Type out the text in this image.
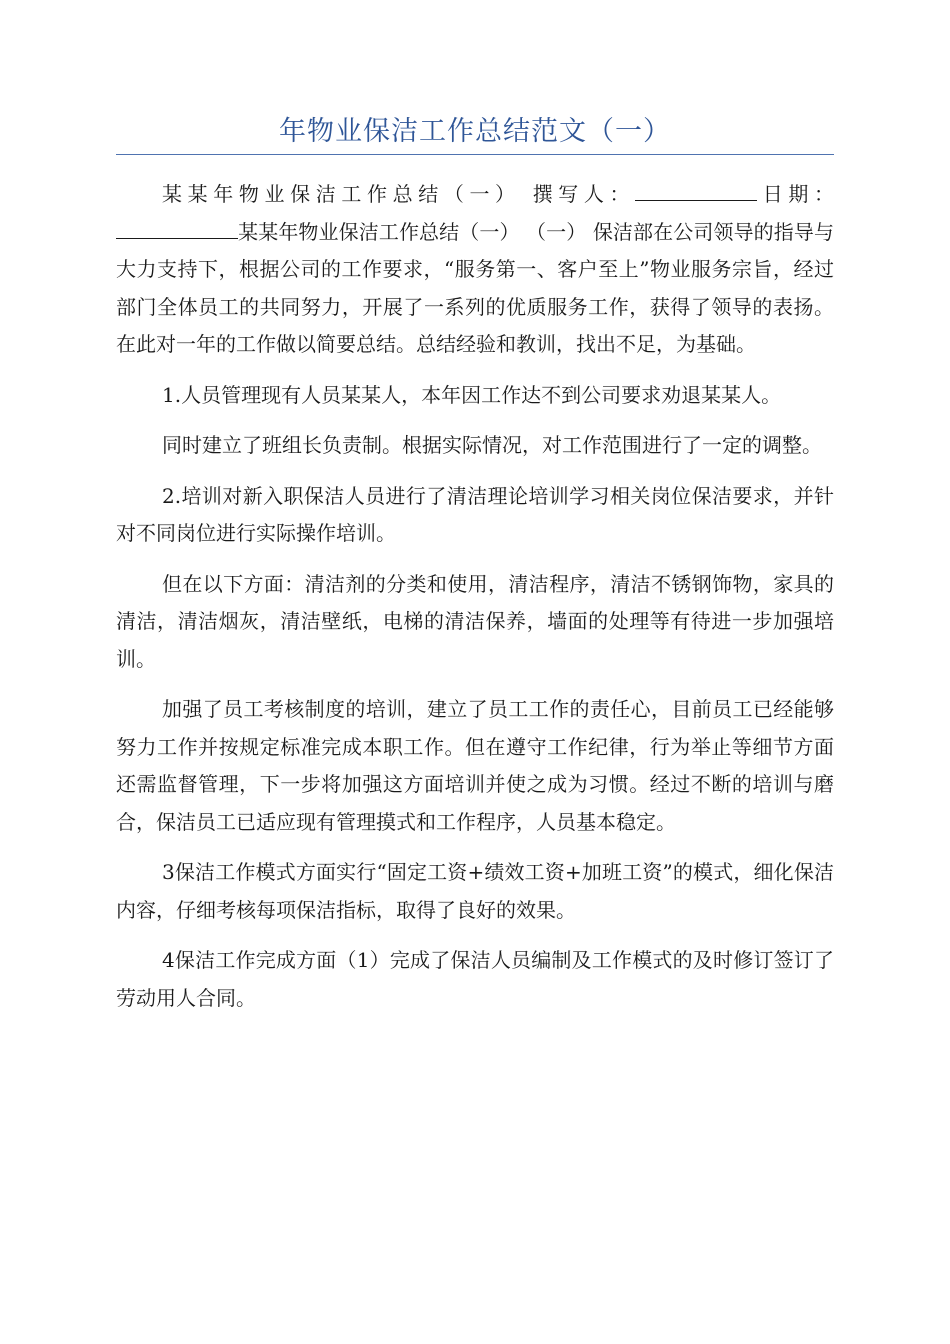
年物业保洁工作总结范文（一）

某某年物业保洁工作总结（一） 撰写人：	日期： 某某年物业保洁工作总结（一） （一） 保洁部在公司领导的指导与大力支持下，根据公司的工作要求，“服务第一、客户至上”物业服务宗旨，经过部门全体员工的共同努力，开展了一系列的优质服务工作，获得了领导的表扬。在此对一年的工作做以简要总结。总结经验和教训，找出不足，为基础。

1.人员管理现有人员某某人，本年因工作达不到公司要求劝退某某人。

同时建立了班组长负责制。根据实际情况，对工作范围进行了一定的调整。

2.培训对新入职保洁人员进行了清洁理论培训学习相关岗位保洁要求，并针对不同岗位进行实际操作培训。

但在以下方面：清洁剂的分类和使用，清洁程序，清洁不锈钢饰物，家具的清洁，清洁烟灰，清洁壁纸，电梯的清洁保养，墙面的处理等有待进一步加强培训。

加强了员工考核制度的培训，建立了员工工作的责任心，目前员工已经能够努力工作并按规定标准完成本职工作。但在遵守工作纪律，行为举止等细节方面还需监督管理，下一步将加强这方面培训并使之成为习惯。经过不断的培训与磨合，保洁员工已适应现有管理摸式和工作程序，人员基本稳定。

3保洁工作模式方面实行“固定工资+绩效工资+加班工资”的模式，细化保洁内容，仔细考核每项保洁指标，取得了良好的效果。

4保洁工作完成方面（1）完成了保洁人员编制及工作模式的及时修订签订了劳动用人合同。
